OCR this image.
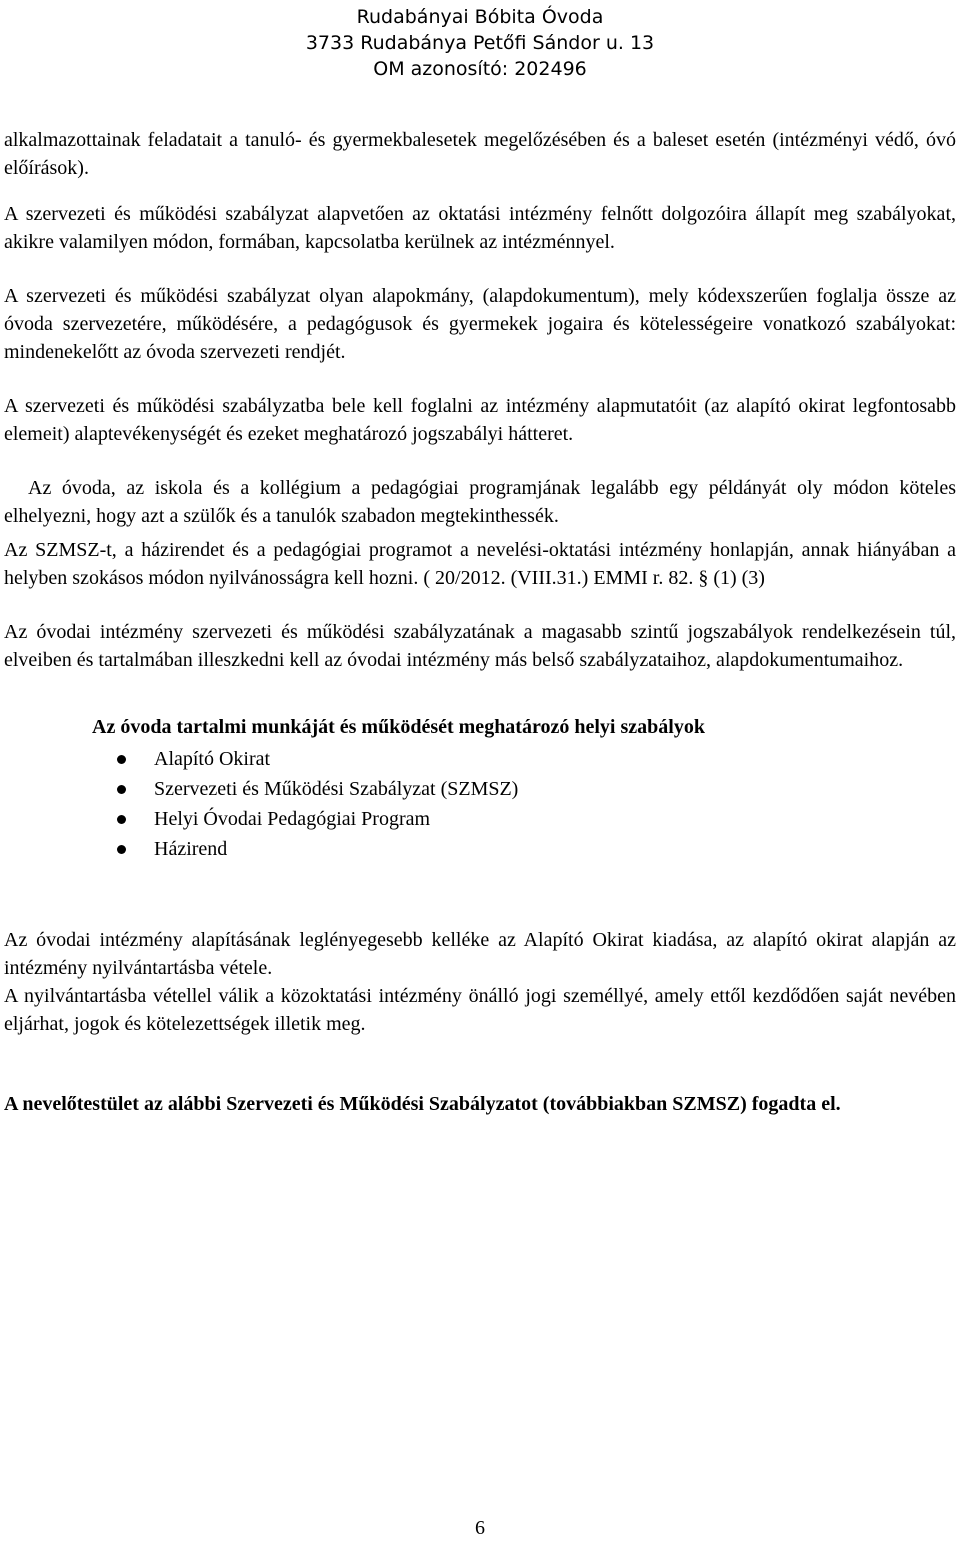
Rudabányai Bóbita Óvoda
3733 Rudabánya Petőfi Sándor u. 13
OM azonosító: 202496

alkalmazottainak feladatait a tanuló- és gyermekbalesetek megelőzésében és a baleset esetén (intézményi védő, óvó előírások).

A szervezeti és működési szabályzat alapvetően az oktatási intézmény felnőtt dolgozóira állapít meg szabályokat, akikre valamilyen módon, formában, kapcsolatba kerülnek az intézménnyel.

A szervezeti és működési szabályzat olyan alapokmány, (alapdokumentum), mely kódexszerűen foglalja össze az óvoda szervezetére, működésére, a pedagógusok és gyermekek jogaira és kötelességeire vonatkozó szabályokat: mindenekelőtt az óvoda szervezeti rendjét.

A szervezeti és működési szabályzatba bele kell foglalni az intézmény alapmutatóit (az alapító okirat legfontosabb elemeit) alaptevékenységét és ezeket meghatározó jogszabályi hátteret.

Az óvoda, az iskola és a kollégium a pedagógiai programjának legalább egy példányát oly módon köteles elhelyezni, hogy azt a szülők és a tanulók szabadon megtekinthessék.

Az SZMSZ-t, a házirendet és a pedagógiai programot a nevelési-oktatási intézmény honlapján, annak hiányában a helyben szokásos módon nyilvánosságra kell hozni. ( 20/2012. (VIII.31.) EMMI r. 82. § (1) (3)

Az óvodai intézmény szervezeti és működési szabályzatának a magasabb szintű jogszabályok rendelkezésein túl, elveiben és tartalmában illeszkedni kell az óvodai intézmény más belső szabályzataihoz, alapdokumentumaihoz.

Az óvoda tartalmi munkáját és működését meghatározó helyi szabályok
Alapító Okirat
Szervezeti és Működési Szabályzat (SZMSZ)
Helyi Óvodai Pedagógiai Program
Házirend

Az óvodai intézmény alapításának leglényegesebb kelléke az Alapító Okirat kiadása, az alapító okirat alapján az intézmény nyilvántartásba vétele.

A nyilvántartásba vétellel válik a közoktatási intézmény önálló jogi személlyé, amely ettől kezdődően saját nevében eljárhat, jogok és kötelezettségek illetik meg.

A nevelőtestület az alábbi Szervezeti és Működési Szabályzatot (továbbiakban SZMSZ) fogadta el.

6
